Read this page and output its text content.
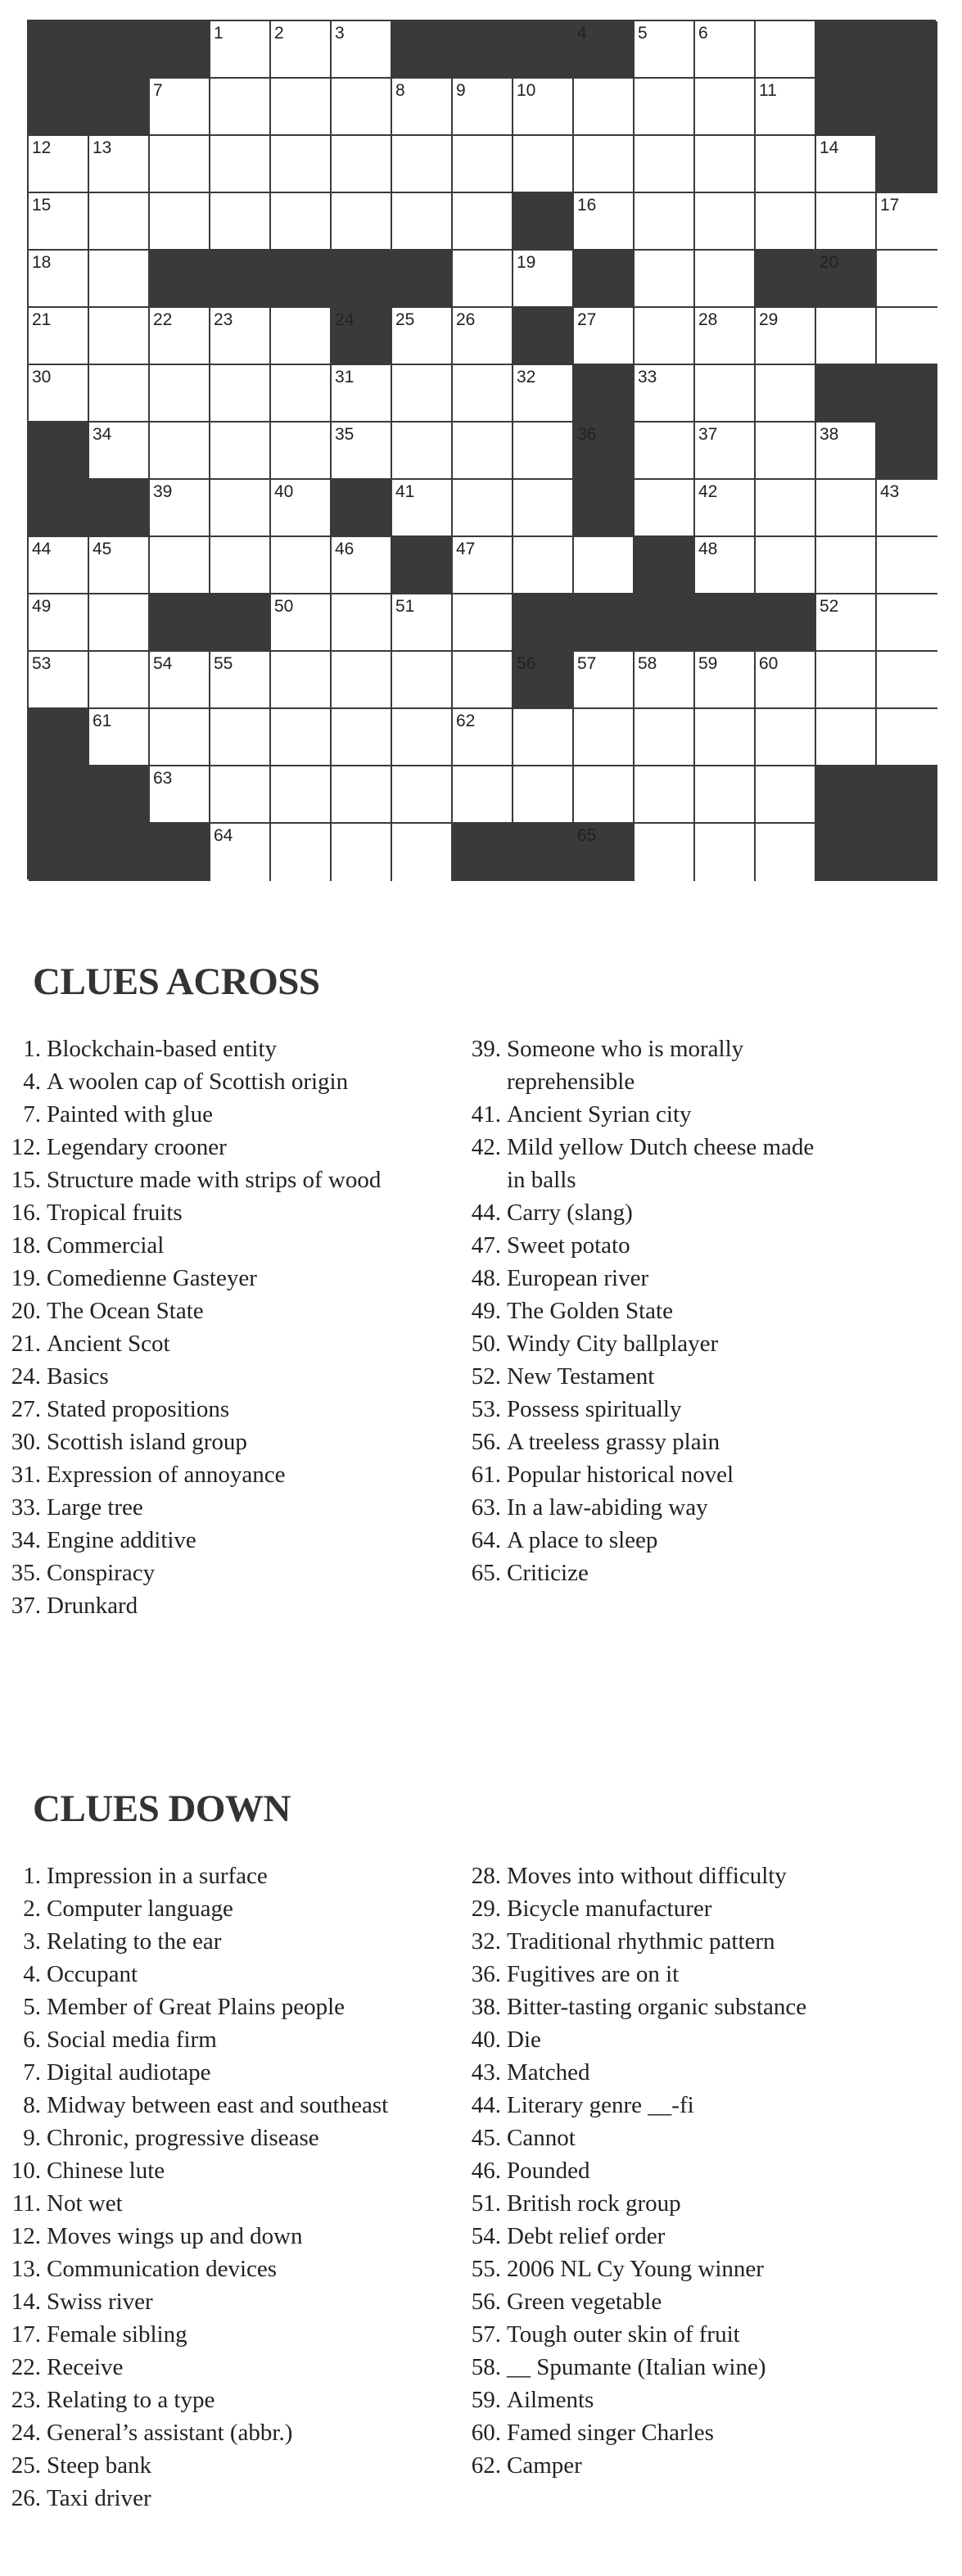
1	2	3	4	5	6
7	8	9	10	11
12 13	14
15	16	17
18	19	20
21	22 23	24 25 26	27	28 29
30	31	32	33
34	35	36	37	38
39	40	41	42	43
44 45	46	47	48
49	50	51	52
53	54 55	56 57 58 59 60
61	62
63
64	65
CLUES ACROSS
1. Blockchain-based entity
4. A woolen cap of Scottish origin
7. Painted with glue
12. Legendary crooner
15. Structure made with strips of wood
16. Tropical fruits
18. Commercial
19. Comedienne Gasteyer
20. The Ocean State
21. Ancient Scot
24. Basics
27. Stated propositions
30. Scottish island group
31. Expression of annoyance
33. Large tree
34. Engine additive
35. Conspiracy
37. Drunkard
39. Someone who is morally
reprehensible
41. Ancient Syrian city
42. Mild yellow Dutch cheese made
in balls
44. Carry (slang)
47. Sweet potato
48. European river
49. The Golden State
50. Windy City ballplayer
52. New Testament
53. Possess spiritually
56. A treeless grassy plain
61. Popular historical novel
63. In a law-abiding way
64. A place to sleep
65. Criticize
CLUES DOWN
1. Impression in a surface
2. Computer language
3. Relating to the ear
4. Occupant
5. Member of Great Plains people
6. Social media firm
7. Digital audiotape
8. Midway between east and southeast
9. Chronic, progressive disease
10. Chinese lute
11. Not wet
12. Moves wings up and down
13. Communication devices
14. Swiss river
17. Female sibling
22. Receive
23. Relating to a type
24. General’s assistant (abbr.)
25. Steep bank
26. Taxi driver
28. Moves into without difficulty
29. Bicycle manufacturer
32. Traditional rhythmic pattern
36. Fugitives are on it
38. Bitter-tasting organic substance
40. Die
43. Matched
44. Literary genre __-fi
45. Cannot
46. Pounded
51. British rock group
54. Debt relief order
55. 2006 NL Cy Young winner
56. Green vegetable
57. Tough outer skin of fruit
58. __ Spumante (Italian wine)
59. Ailments
60. Famed singer Charles
62. Camper
